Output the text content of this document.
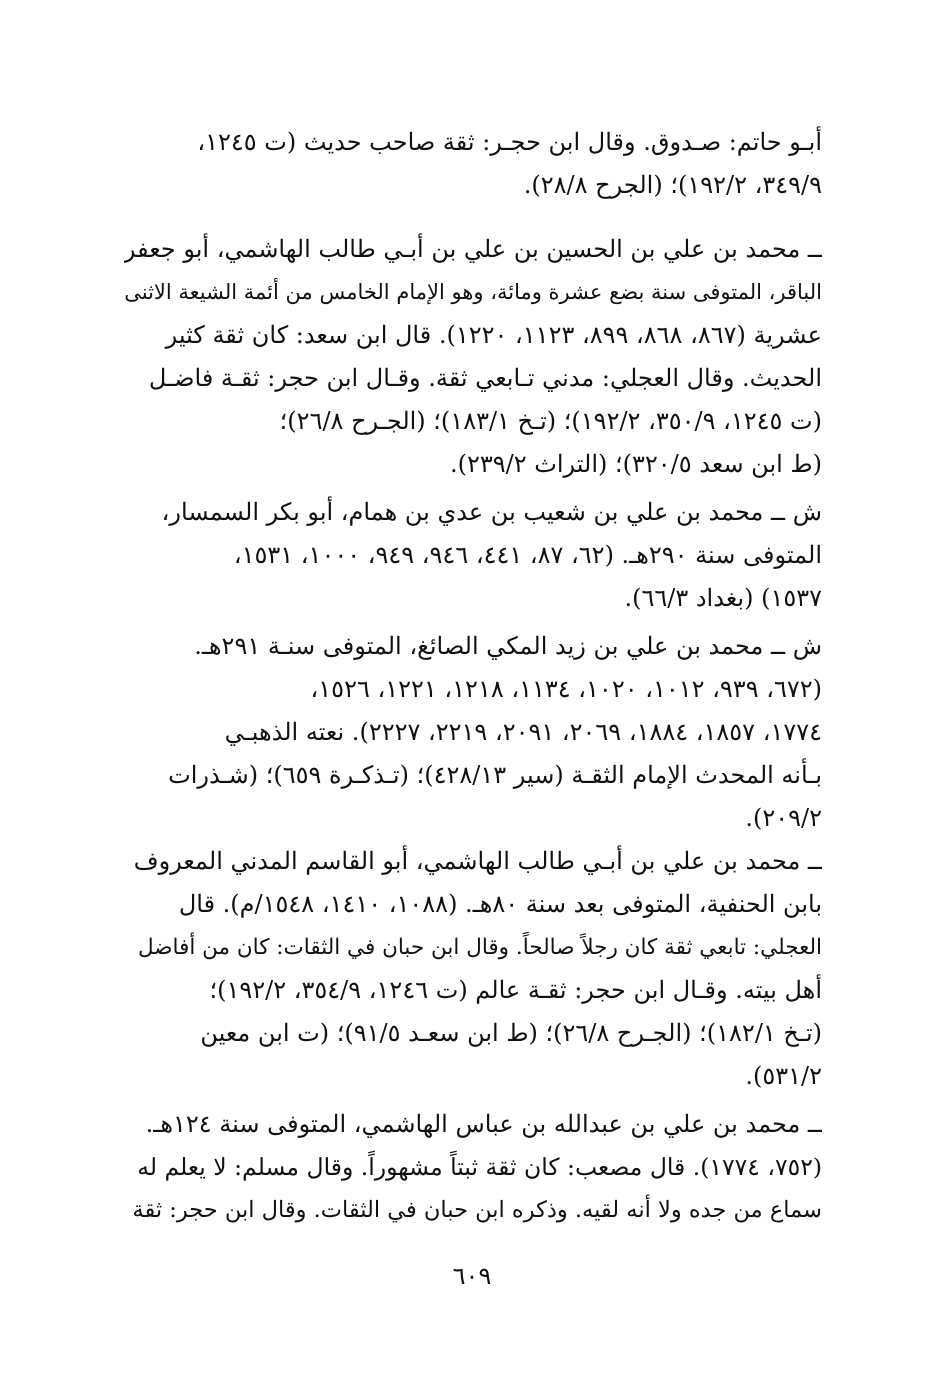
أبـو حاتم: صـدوق. وقال ابن حجـر: ثقة صاحب حديث (ت ١٢٤٥،
٣٤٩/٩، ١٩٢/٢)؛ (الجرح ٢٨/٨).
ــ محمد بن علي بن الحسين بن علي بن أبـي طالب الهاشمي، أبو جعفر
الباقر، المتوفى سنة بضع عشرة ومائة، وهو الإمام الخامس من أئمة الشيعة الاثنى
عشرية (٨٦٧، ٨٦٨، ٨٩٩، ١١٢٣، ١٢٢٠). قال ابن سعد: كان ثقة كثير
الحديث. وقال العجلي: مدني تـابعي ثقة. وقـال ابن حجر: ثقـة فاضـل
(ت ١٢٤٥، ٣٥٠/٩، ١٩٢/٢)؛ (تـخ ١٨٣/١)؛ (الجـرح ٢٦/٨)؛
(ط ابن سعد ٣٢٠/٥)؛ (التراث ٢٣٩/٢).
ش ــ محمد بن علي بن شعيب بن عدي بن همام، أبو بكر السمسار،
المتوفى سنة ٢٩٠هـ. (٦٢، ٨٧، ٤٤١، ٩٤٦، ٩٤٩، ١٠٠٠، ١٥٣١،
١٥٣٧) (بغداد ٦٦/٣).
ش ــ محمد بن علي بن زيد المكي الصائغ، المتوفى سنـة ٢٩١هـ.
(٦٧٢، ٩٣٩، ١٠١٢، ١٠٢٠، ١١٣٤، ١٢١٨، ١٢٢١، ١٥٢٦،
١٧٧٤، ١٨٥٧، ١٨٨٤، ٢٠٦٩، ٢٠٩١، ٢٢١٩، ٢٢٢٧). نعته الذهبـي
بـأنه المحدث الإمام الثقـة (سير ٤٢٨/١٣)؛ (تـذكـرة ٦٥٩)؛ (شـذرات
٢٠٩/٢).
ــ محمد بن علي بن أبـي طالب الهاشمي، أبو القاسم المدني المعروف
بابن الحنفية، المتوفى بعد سنة ٨٠هـ. (١٠٨٨، ١٤١٠، ١٥٤٨/م). قال
العجلي: تابعي ثقة كان رجلاً صالحاً. وقال ابن حبان في الثقات: كان من أفاضل
أهل بيته. وقـال ابن حجر: ثقـة عالم (ت ١٢٤٦، ٣٥٤/٩، ١٩٢/٢)؛
(تـخ ١٨٢/١)؛ (الجـرح ٢٦/٨)؛ (ط ابن سعـد ٩١/٥)؛ (ت ابن معين
٥٣١/٢).
ــ محمد بن علي بن عبدالله بن عباس الهاشمي، المتوفى سنة ١٢٤هـ.
(٧٥٢، ١٧٧٤). قال مصعب: كان ثقة ثبتاً مشهوراً. وقال مسلم: لا يعلم له
سماع من جده ولا أنه لقيه. وذكره ابن حبان في الثقات. وقال ابن حجر: ثقة
٦٠٩
